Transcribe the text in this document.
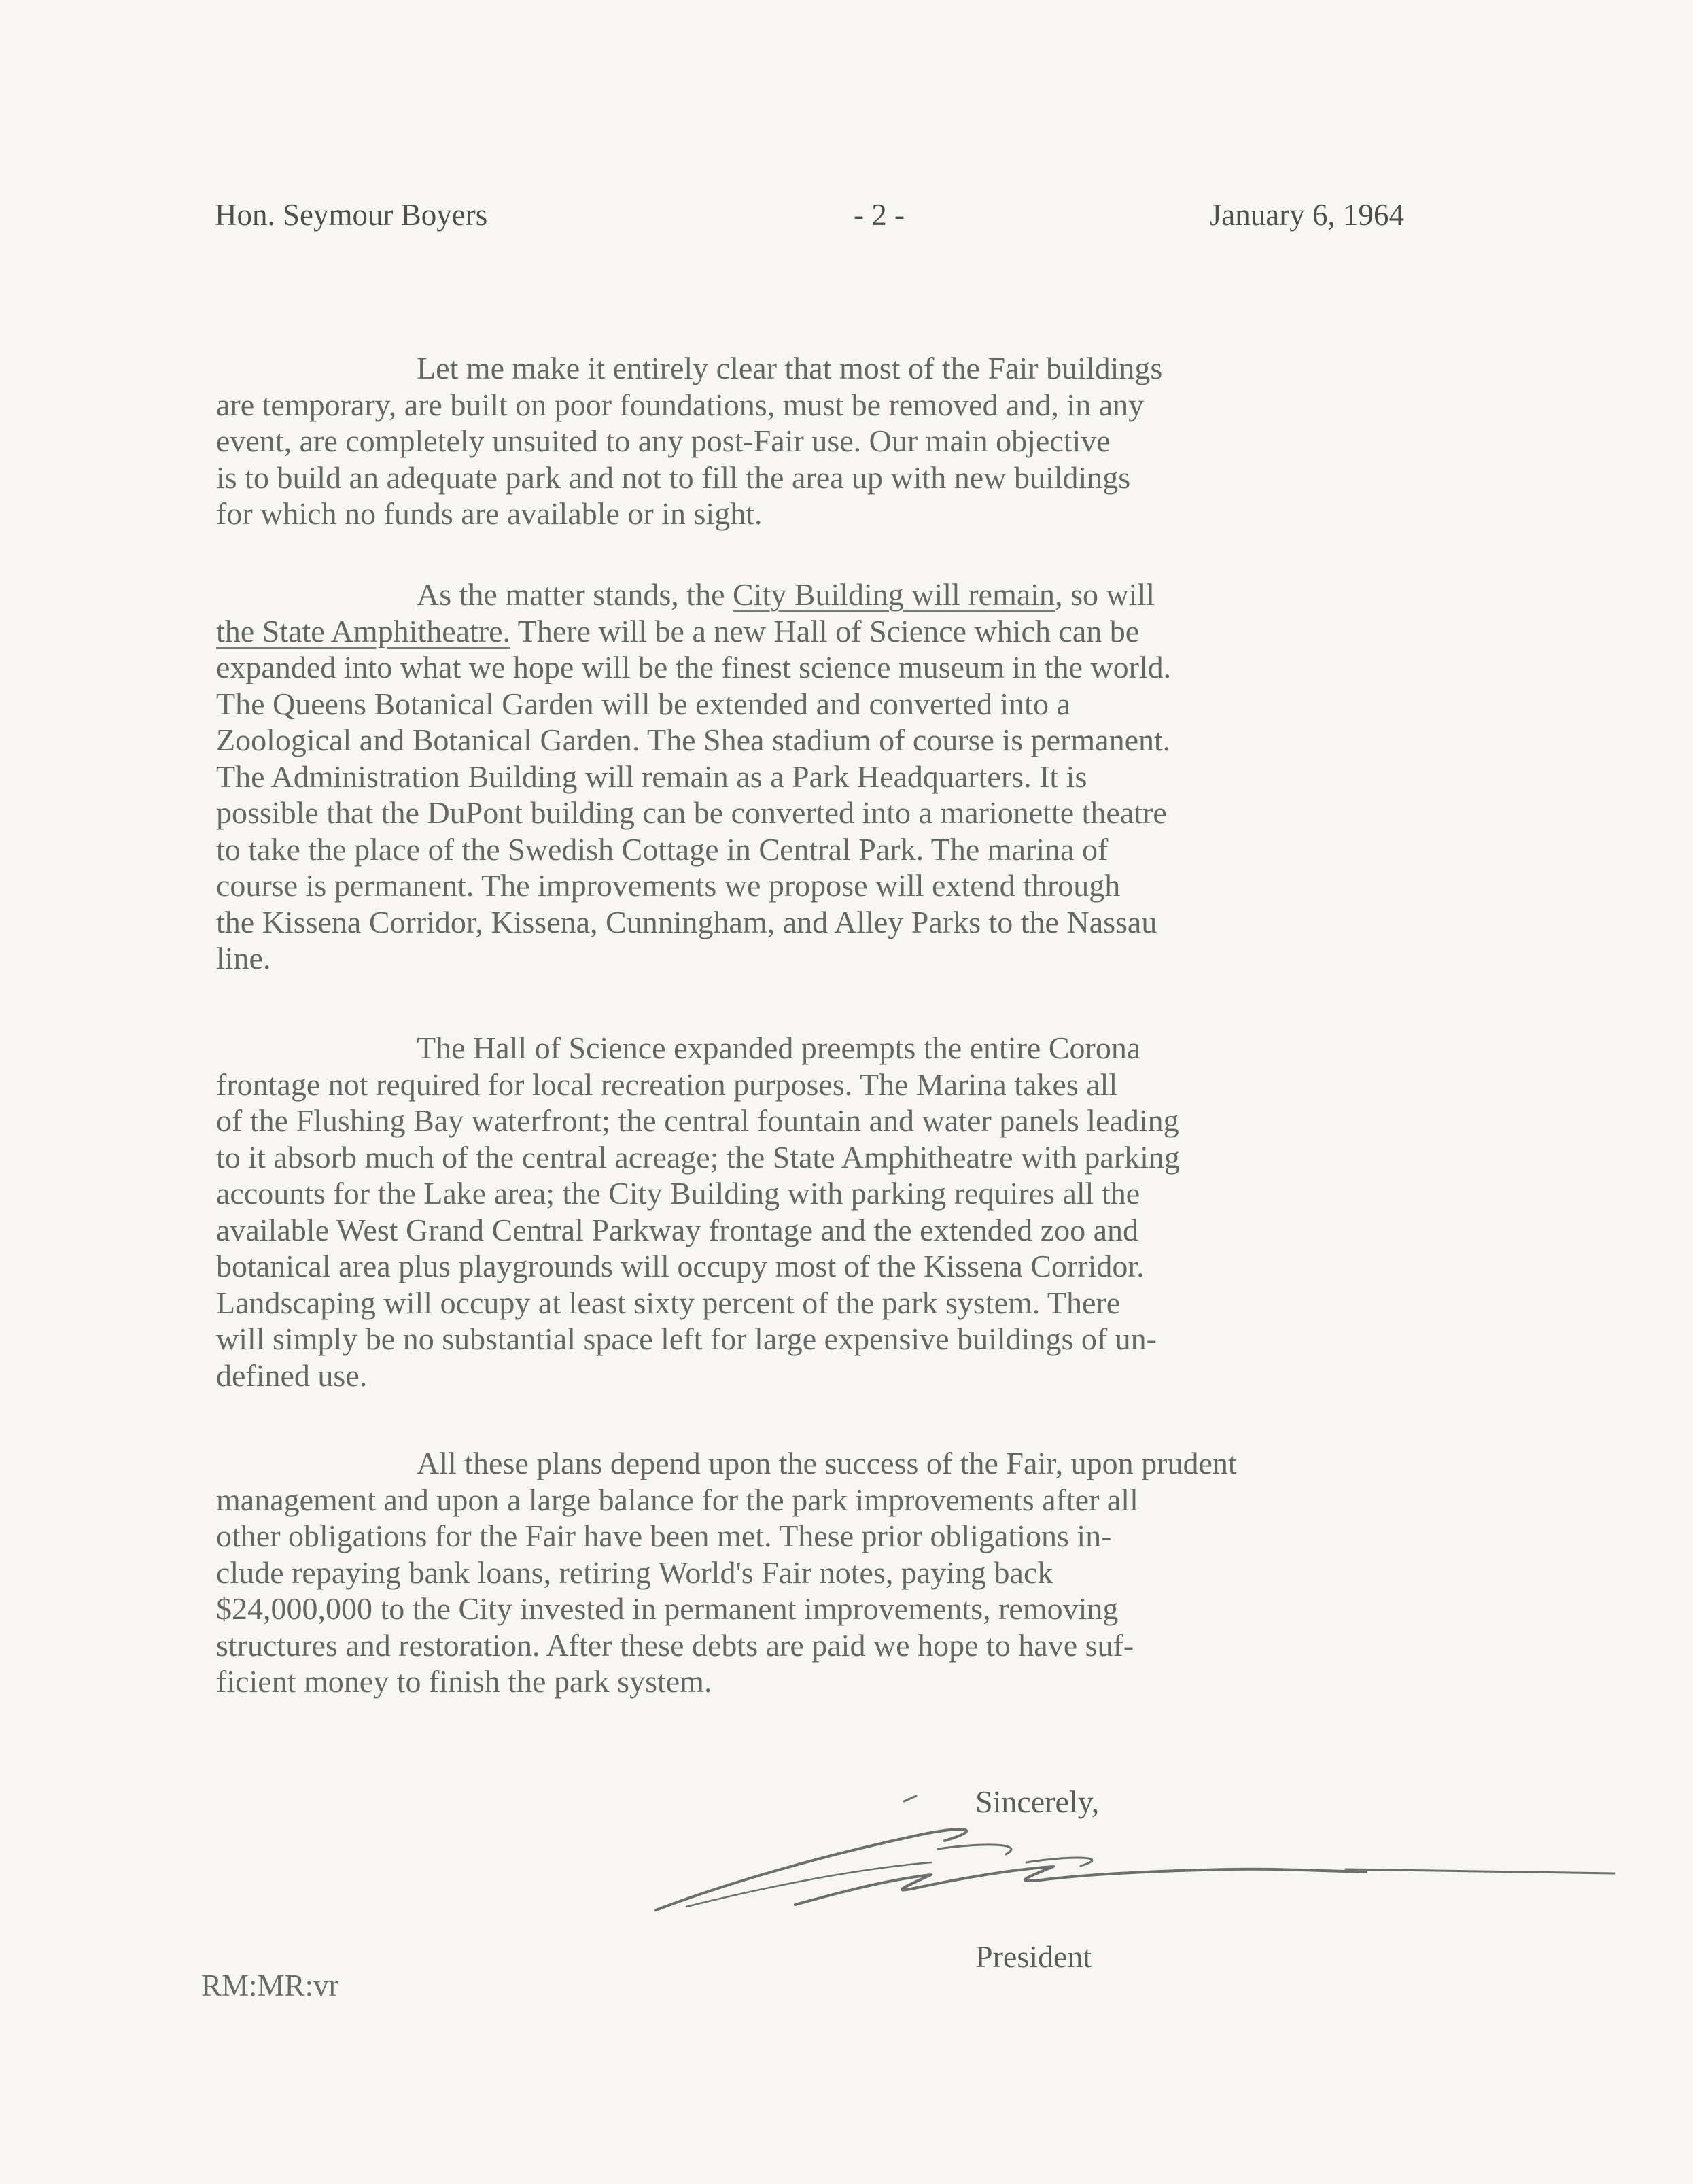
Hon. Seymour Boyers	- 2 -	January 6, 1964
Let me make it entirely clear that most of the Fair buildings
are temporary, are built on poor foundations, must be removed and, in any
event, are completely unsuited to any post-Fair use. Our main objective
is to build an adequate park and not to fill the area up with new buildings
for which no funds are available or in sight.
As the matter stands, the City Building will remain, so will
the State Amphitheatre. There will be a new Hall of Science which can be
expanded into what we hope will be the finest science museum in the world.
The Queens Botanical Garden will be extended and converted into a
Zoological and Botanical Garden. The Shea stadium of course is permanent.
The Administration Building will remain as a Park Headquarters. It is
possible that the DuPont building can be converted into a marionette theatre
to take the place of the Swedish Cottage in Central Park. The marina of
course is permanent. The improvements we propose will extend through
the Kissena Corridor, Kissena, Cunningham, and Alley Parks to the Nassau
line.
The Hall of Science expanded preempts the entire Corona
frontage not required for local recreation purposes. The Marina takes all
of the Flushing Bay waterfront; the central fountain and water panels leading
to it absorb much of the central acreage; the State Amphitheatre with parking
accounts for the Lake area; the City Building with parking requires all the
available West Grand Central Parkway frontage and the extended zoo and
botanical area plus playgrounds will occupy most of the Kissena Corridor.
Landscaping will occupy at least sixty percent of the park system. There
will simply be no substantial space left for large expensive buildings of un-
defined use.
All these plans depend upon the success of the Fair, upon prudent
management and upon a large balance for the park improvements after all
other obligations for the Fair have been met. These prior obligations in-
clude repaying bank loans, retiring World's Fair notes, paying back
$24,000,000 to the City invested in permanent improvements, removing
structures and restoration. After these debts are paid we hope to have suf-
ficient money to finish the park system.
Sincerely,
President
RM:MR:vr
